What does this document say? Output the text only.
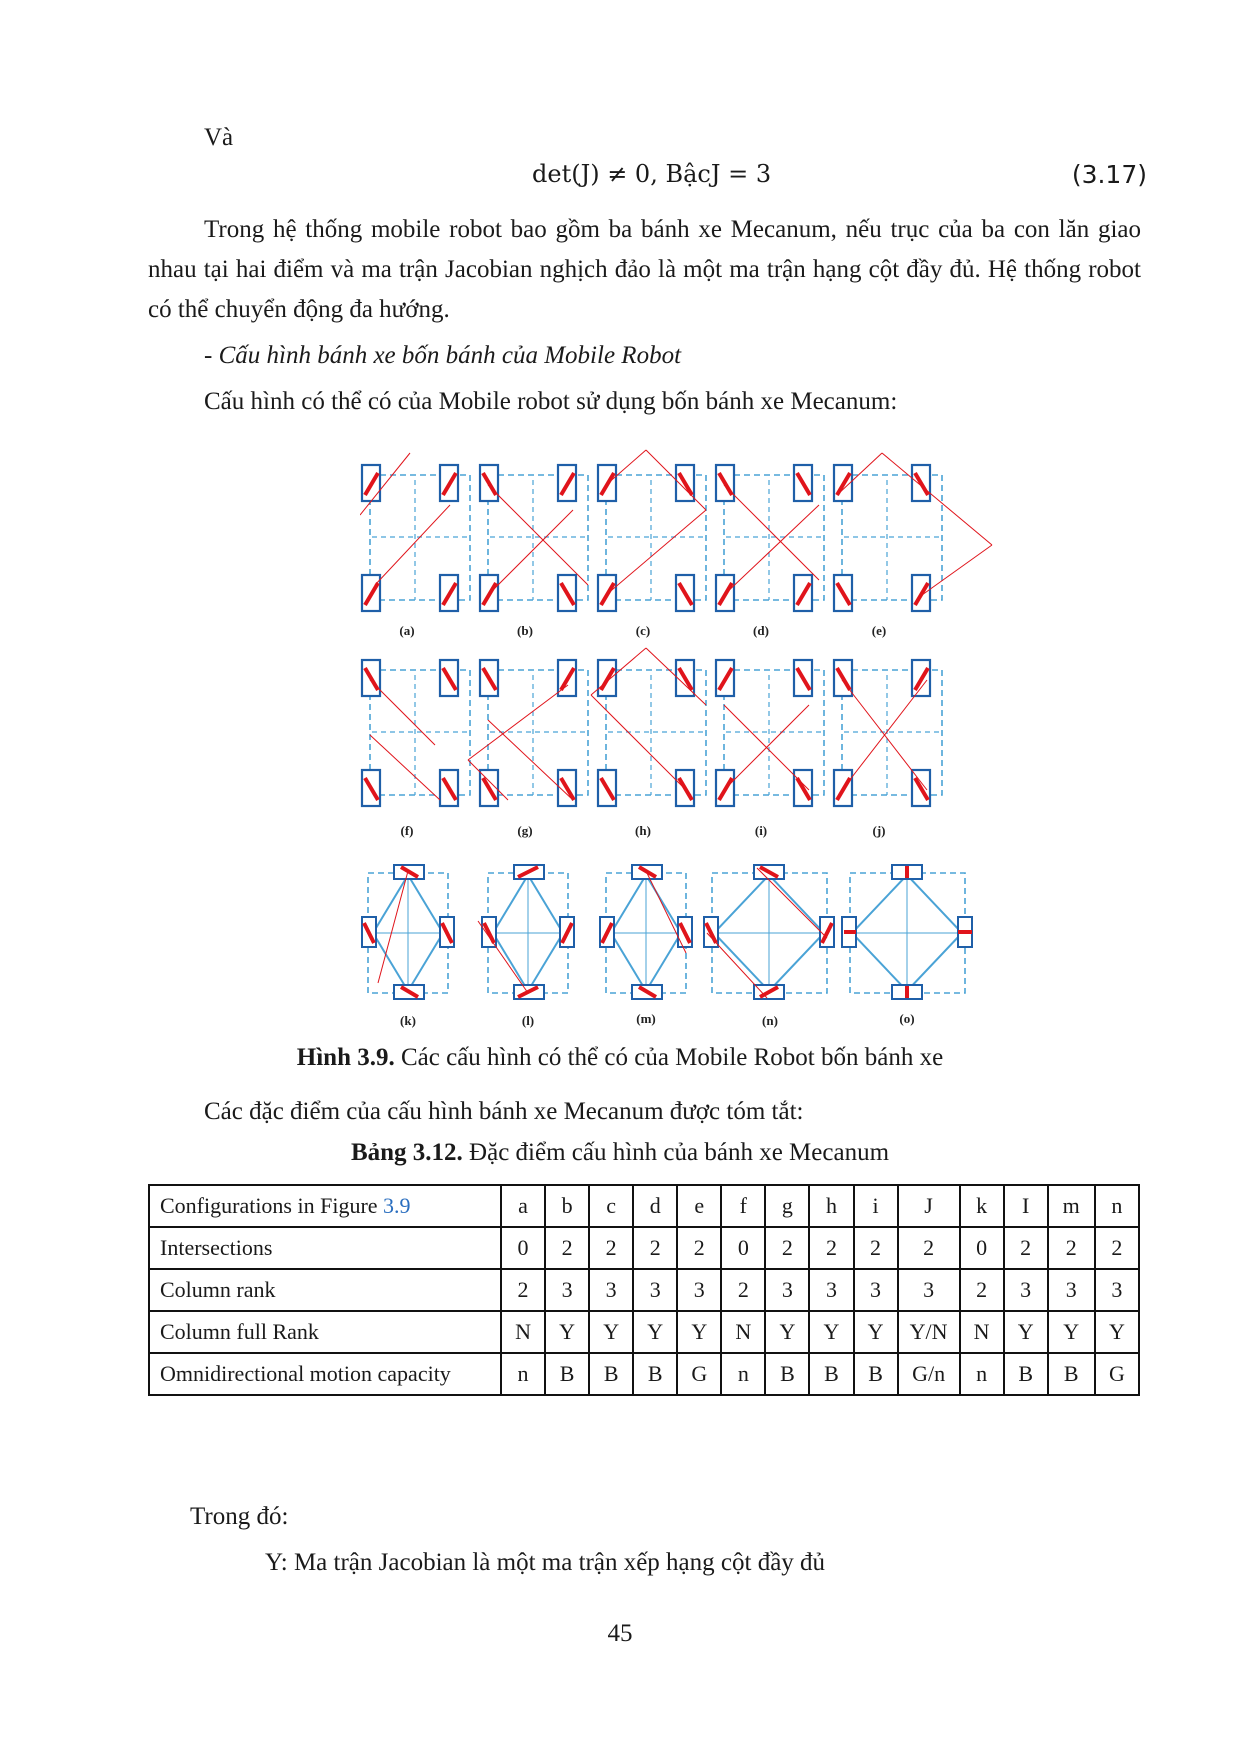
Và

det(J) ≠ 0, BậcJ = 3	(3.17)

Trong hệ thống mobile robot bao gồm ba bánh xe Mecanum, nếu trục của ba con lăn giao nhau tại hai điểm và ma trận Jacobian nghịch đảo là một ma trận hạng cột đầy đủ. Hệ thống robot có thể chuyển động đa hướng.

- Cấu hình bánh xe bốn bánh của Mobile Robot

Cấu hình có thể có của Mobile robot sử dụng bốn bánh xe Mecanum:

(a)	(b)	(c)	(d)	(e)
(f)	(g)	(h)	(i)	(j)
(k)	(l)	(m)	(n)	(o)
Hình 3.9. Các cấu hình có thể có của Mobile Robot bốn bánh xe

Các đặc điểm của cấu hình bánh xe Mecanum được tóm tắt:

Bảng 3.12. Đặc điểm cấu hình của bánh xe Mecanum
Configurations in Figure 3.9	a	b	c	d	e	f	g	h	i	J	k	I	m	n
Intersections	0	2	2	2	2	0	2	2	2	2	0	2	2	2
Column rank	2	3	3	3	3	2	3	3	3	3	2	3	3	3
Column full Rank	N	Y	Y	Y	Y	N	Y	Y	Y	Y/N	N	Y	Y	Y
Omnidirectional motion capacity	n	B	B	B	G	n	B	B	B	G/n	n	B	B	G

Trong đó:

Y: Ma trận Jacobian là một ma trận xếp hạng cột đầy đủ

45
